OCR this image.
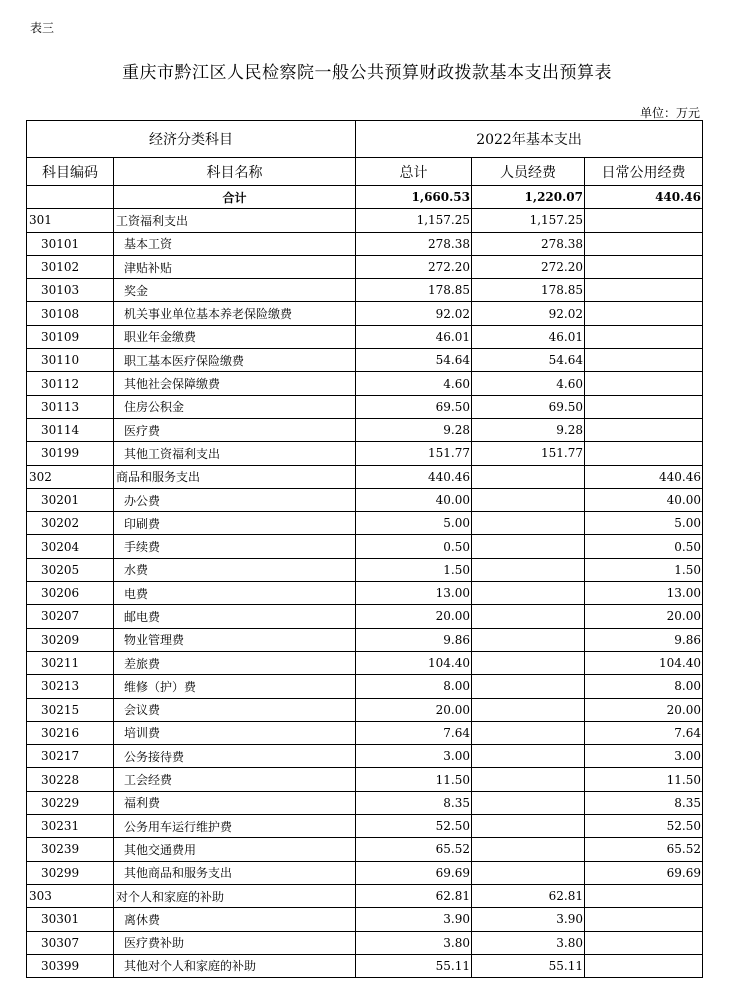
表三
重庆市黔江区人民检察院一般公共预算财政拨款基本支出预算表
单位：万元
经济分类科目		2022年基本支出		
科目编码	科目名称	总计	人员经费	日常公用经费
	合计	1,660.53	1,220.07	440.46
301	工资福利支出	1,157.25	1,157.25	
30101	基本工资	278.38	278.38	
30102	津贴补贴	272.20	272.20	
30103	奖金	178.85	178.85	
30108	机关事业单位基本养老保险缴费	92.02	92.02	
30109	职业年金缴费	46.01	46.01	
30110	职工基本医疗保险缴费	54.64	54.64	
30112	其他社会保障缴费	4.60	4.60	
30113	住房公积金	69.50	69.50	
30114	医疗费	9.28	9.28	
30199	其他工资福利支出	151.77	151.77	
302	商品和服务支出	440.46		440.46
30201	办公费	40.00		40.00
30202	印刷费	5.00		5.00
30204	手续费	0.50		0.50
30205	水费	1.50		1.50
30206	电费	13.00		13.00
30207	邮电费	20.00		20.00
30209	物业管理费	9.86		9.86
30211	差旅费	104.40		104.40
30213	维修（护）费	8.00		8.00
30215	会议费	20.00		20.00
30216	培训费	7.64		7.64
30217	公务接待费	3.00		3.00
30228	工会经费	11.50		11.50
30229	福利费	8.35		8.35
30231	公务用车运行维护费	52.50		52.50
30239	其他交通费用	65.52		65.52
30299	其他商品和服务支出	69.69		69.69
303	对个人和家庭的补助	62.81	62.81	
30301	离休费	3.90	3.90	
30307	医疗费补助	3.80	3.80	
30399	其他对个人和家庭的补助	55.11	55.11	
